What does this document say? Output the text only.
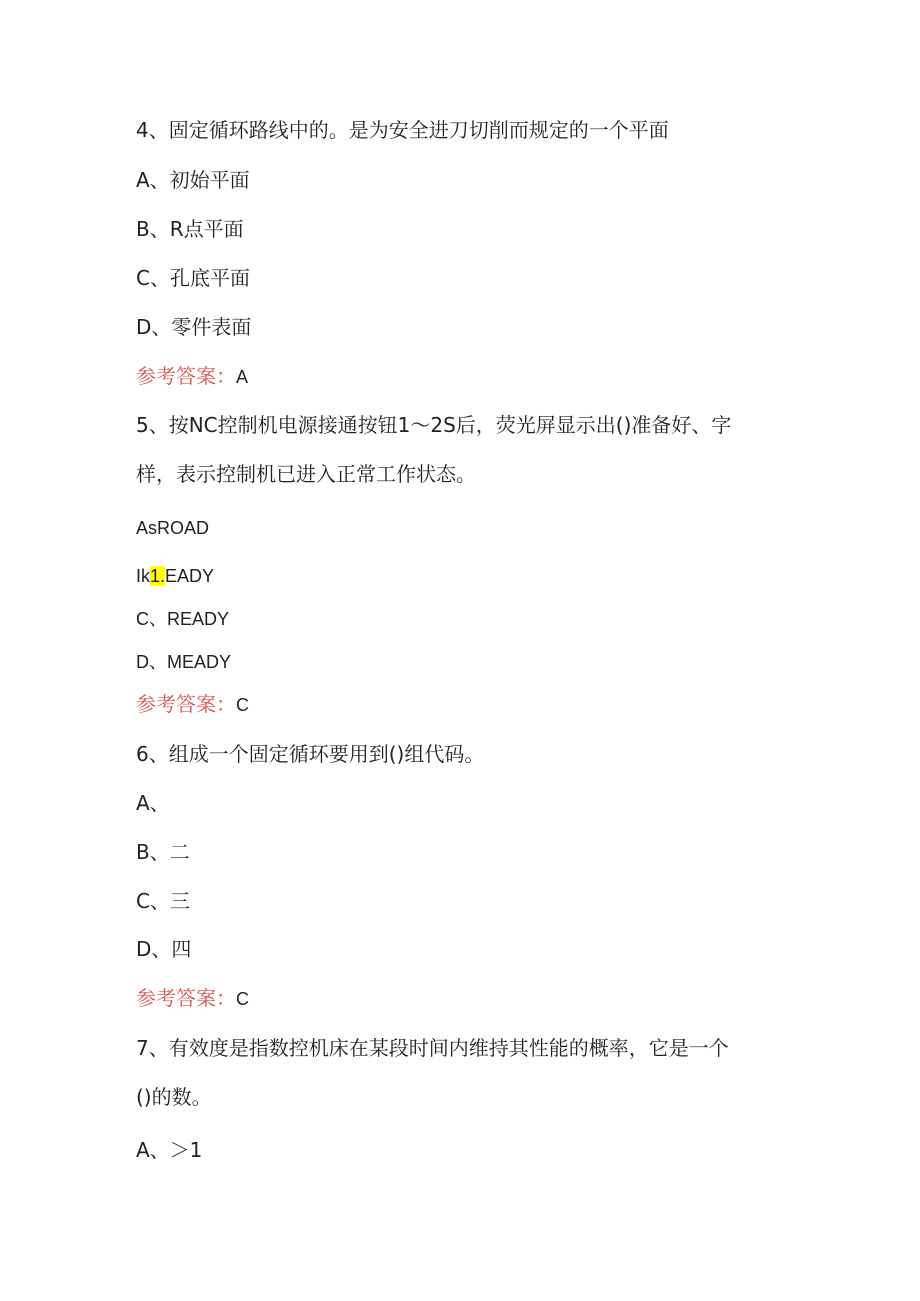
4、固定循环路线中的。是为安全进刀切削而规定的一个平面
A、初始平面
B、R点平面
C、孔底平面
D、零件表面
参考答案：A
5、按NC控制机电源接通按钮1～2S后，荧光屏显示出()准备好、字
样，表示控制机已进入正常工作状态。
AsROAD
Ik1.EADY
C、READY
D、MEADY
参考答案：C
6、组成一个固定循环要用到()组代码。
A、
B、二
C、三
D、四
参考答案：C
7、有效度是指数控机床在某段时间内维持其性能的概率，它是一个
()的数。
A、＞1
